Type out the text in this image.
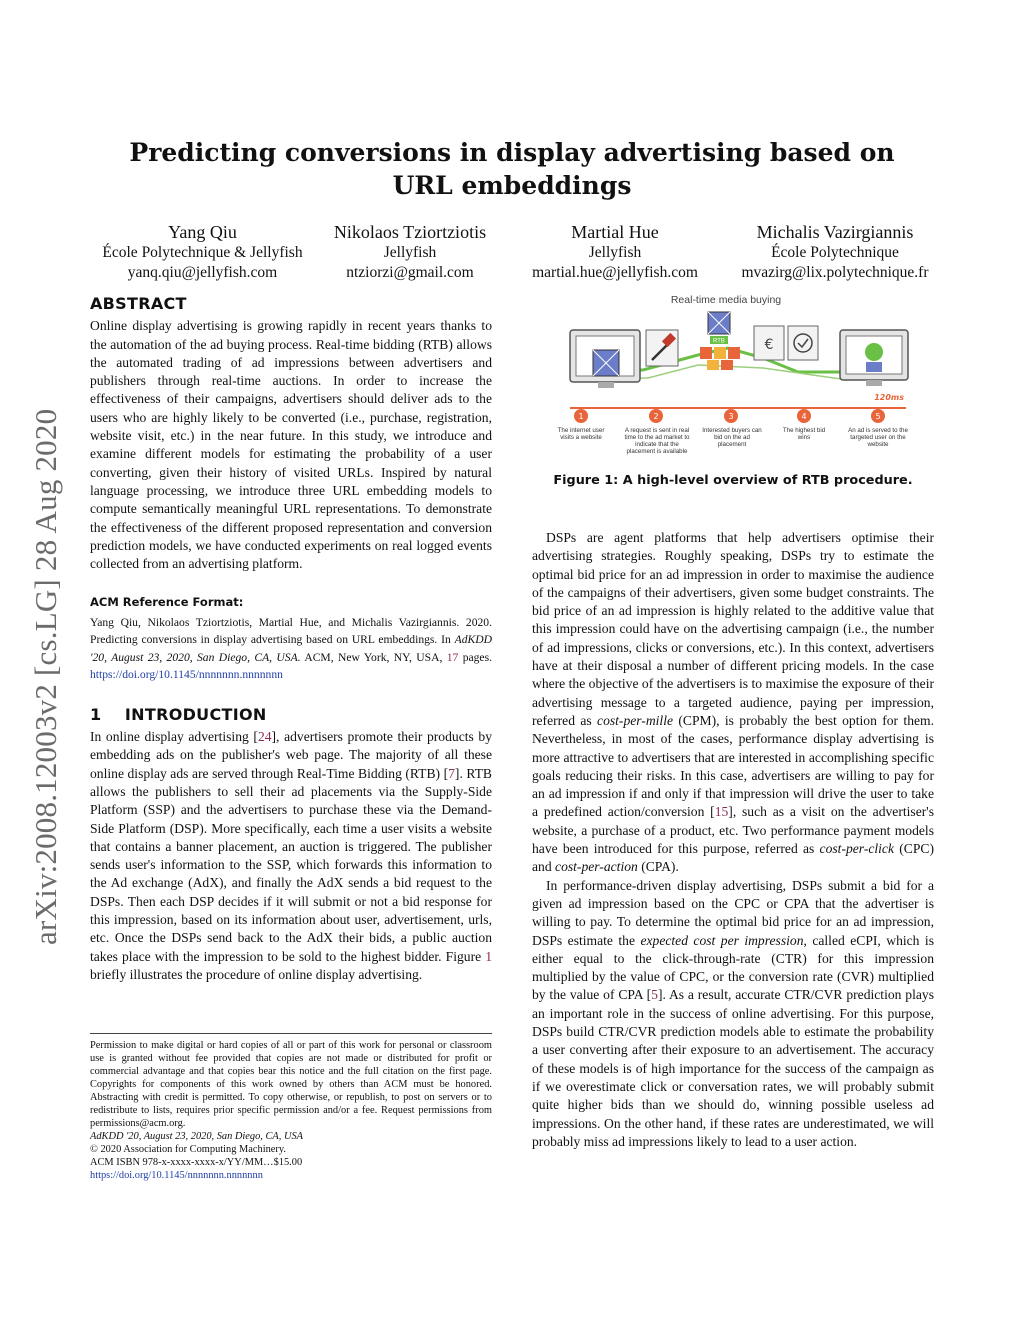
arXiv:2008.12003v2 [cs.LG] 28 Aug 2020
Predicting conversions in display advertising based on URL embeddings
Yang Qiu
École Polytechnique & Jellyfish
yanq.qiu@jellyfish.com
Nikolaos Tziortziotis
Jellyfish
ntziorzi@gmail.com
Martial Hue
Jellyfish
martial.hue@jellyfish.com
Michalis Vazirgiannis
École Polytechnique
mvazirg@lix.polytechnique.fr
ABSTRACT

Online display advertising is growing rapidly in recent years thanks to the automation of the ad buying process. Real-time bidding (RTB) allows the automated trading of ad impressions between advertisers and publishers through real-time auctions. In order to increase the effectiveness of their campaigns, advertisers should deliver ads to the users who are highly likely to be converted (i.e., purchase, registration, website visit, etc.) in the near future. In this study, we introduce and examine different models for estimating the probability of a user converting, given their history of visited URLs. Inspired by natural language processing, we introduce three URL embedding models to compute semantically meaningful URL representations. To demonstrate the effectiveness of the different proposed representation and conversion prediction models, we have conducted experiments on real logged events collected from an advertising platform.

ACM Reference Format:

Yang Qiu, Nikolaos Tziortziotis, Martial Hue, and Michalis Vazirgiannis. 2020. Predicting conversions in display advertising based on URL embeddings. In AdKDD '20, August 23, 2020, San Diego, CA, USA. ACM, New York, NY, USA, 17 pages. https://doi.org/10.1145/nnnnnnn.nnnnnnn

1 INTRODUCTION

In online display advertising [24], advertisers promote their products by embedding ads on the publisher's web page. The majority of all these online display ads are served through Real-Time Bidding (RTB) [7]. RTB allows the publishers to sell their ad placements via the Supply-Side Platform (SSP) and the advertisers to purchase these via the Demand-Side Platform (DSP). More specifically, each time a user visits a website that contains a banner placement, an auction is triggered. The publisher sends user's information to the SSP, which forwards this information to the Ad exchange (AdX), and finally the AdX sends a bid request to the DSPs. Then each DSP decides if it will submit or not a bid response for this impression, based on its information about user, advertisement, urls, etc. Once the DSPs send back to the AdX their bids, a public auction takes place with the impression to be sold to the highest bidder. Figure 1 briefly illustrates the procedure of online display advertising.

Permission to make digital or hard copies of all or part of this work for personal or classroom use is granted without fee provided that copies are not made or distributed for profit or commercial advantage and that copies bear this notice and the full citation on the first page. Copyrights for components of this work owned by others than ACM must be honored. Abstracting with credit is permitted. To copy otherwise, or republish, to post on servers or to redistribute to lists, requires prior specific permission and/or a fee. Request permissions from permissions@acm.org.
AdKDD '20, August 23, 2020, San Diego, CA, USA
© 2020 Association for Computing Machinery.
ACM ISBN 978-x-xxxx-xxxx-x/YY/MM…$15.00
https://doi.org/10.1145/nnnnnnn.nnnnnnn
Real-time media buying
RTB	€
120ms
1	2	3	4	5
The internet user visits a website
A request is sent in real time to the ad market to indicate that the placement is available
Interested buyers can bid on the ad placement
The highest bid wins
An ad is served to the targeted user on the website
Figure 1: A high-level overview of RTB procedure.

DSPs are agent platforms that help advertisers optimise their advertising strategies. Roughly speaking, DSPs try to estimate the optimal bid price for an ad impression in order to maximise the audience of the campaigns of their advertisers, given some budget constraints. The bid price of an ad impression is highly related to the additive value that this impression could have on the advertising campaign (i.e., the number of ad impressions, clicks or conversions, etc.). In this context, advertisers have at their disposal a number of different pricing models. In the case where the objective of the advertisers is to maximise the exposure of their advertising message to a targeted audience, paying per impression, referred as cost-per-mille (CPM), is probably the best option for them. Nevertheless, in most of the cases, performance display advertising is more attractive to advertisers that are interested in accomplishing specific goals reducing their risks. In this case, advertisers are willing to pay for an ad impression if and only if that impression will drive the user to take a predefined action/conversion [15], such as a visit on the advertiser's website, a purchase of a product, etc. Two performance payment models have been introduced for this purpose, referred as cost-per-click (CPC) and cost-per-action (CPA).

In performance-driven display advertising, DSPs submit a bid for a given ad impression based on the CPC or CPA that the advertiser is willing to pay. To determine the optimal bid price for an ad impression, DSPs estimate the expected cost per impression, called eCPI, which is either equal to the click-through-rate (CTR) for this impression multiplied by the value of CPC, or the conversion rate (CVR) multiplied by the value of CPA [5]. As a result, accurate CTR/CVR prediction plays an important role in the success of online advertising. For this purpose, DSPs build CTR/CVR prediction models able to estimate the probability a user converting after their exposure to an advertisement. The accuracy of these models is of high importance for the success of the campaign as if we overestimate click or conversation rates, we will probably submit quite higher bids than we should do, winning possible useless ad impressions. On the other hand, if these rates are underestimated, we will probably miss ad impressions likely to lead to a user action.
